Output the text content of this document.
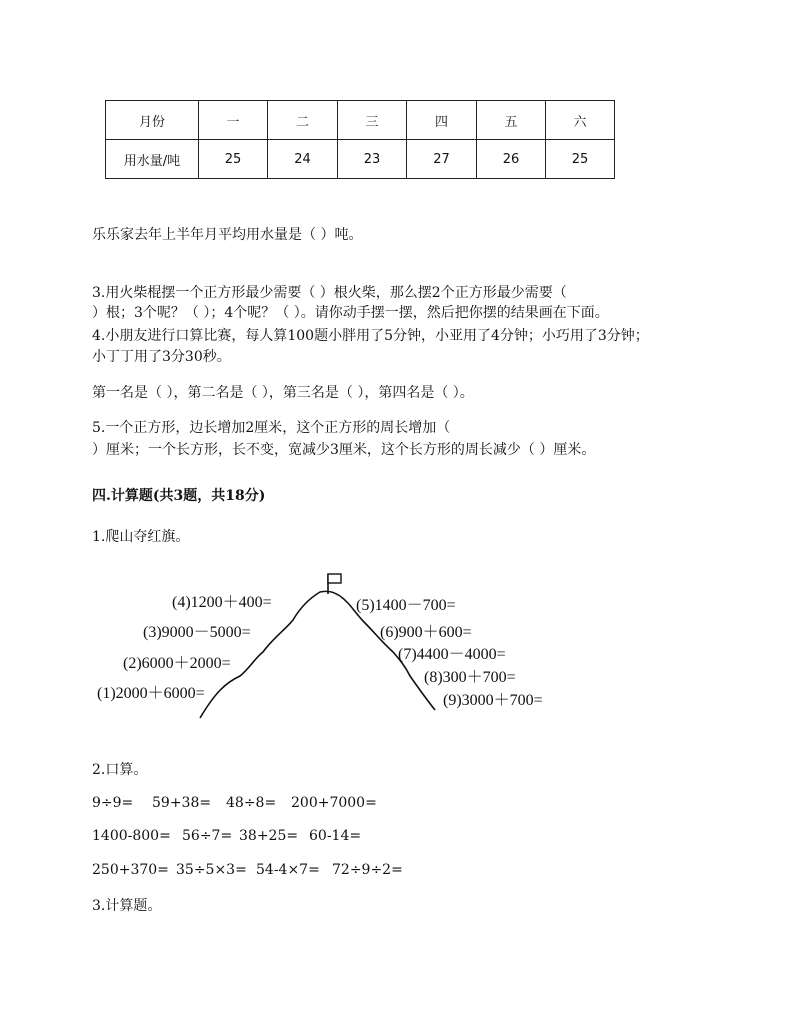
月份	一	二	三	四	五	六
用水量/吨	25	24	23	27	26	25
乐乐家去年上半年月平均用水量是（ ）吨。
3.用火柴棍摆一个正方形最少需要（ ）根火柴，那么摆2个正方形最少需要（
）根；3个呢？（ ）；4个呢？（ ）。请你动手摆一摆，然后把你摆的结果画在下面。
4.小朋友进行口算比赛，每人算100题小胖用了5分钟，小亚用了4分钟；小巧用了3分钟；
小丁丁用了3分30秒。
第一名是（ ），第二名是（ ），第三名是（ ），第四名是（ ）。
5.一个正方形，边长增加2厘米，这个正方形的周长增加（
）厘米；一个长方形，长不变，宽减少3厘米，这个长方形的周长减少（ ）厘米。
四.计算题(共3题，共18分)
1.爬山夺红旗。
(4)1200＋400=
(3)9000－5000=
(2)6000＋2000=
(1)2000＋6000=
(5)1400－700=
(6)900＋600=
(7)4400－4000=
(8)300＋700=
(9)3000＋700=
2.口算。
9÷9= 59+38= 48÷8= 200+7000=
1400-800= 56÷7= 38+25= 60-14=
250+370= 35÷5×3= 54-4×7= 72÷9÷2=
3.计算题。
